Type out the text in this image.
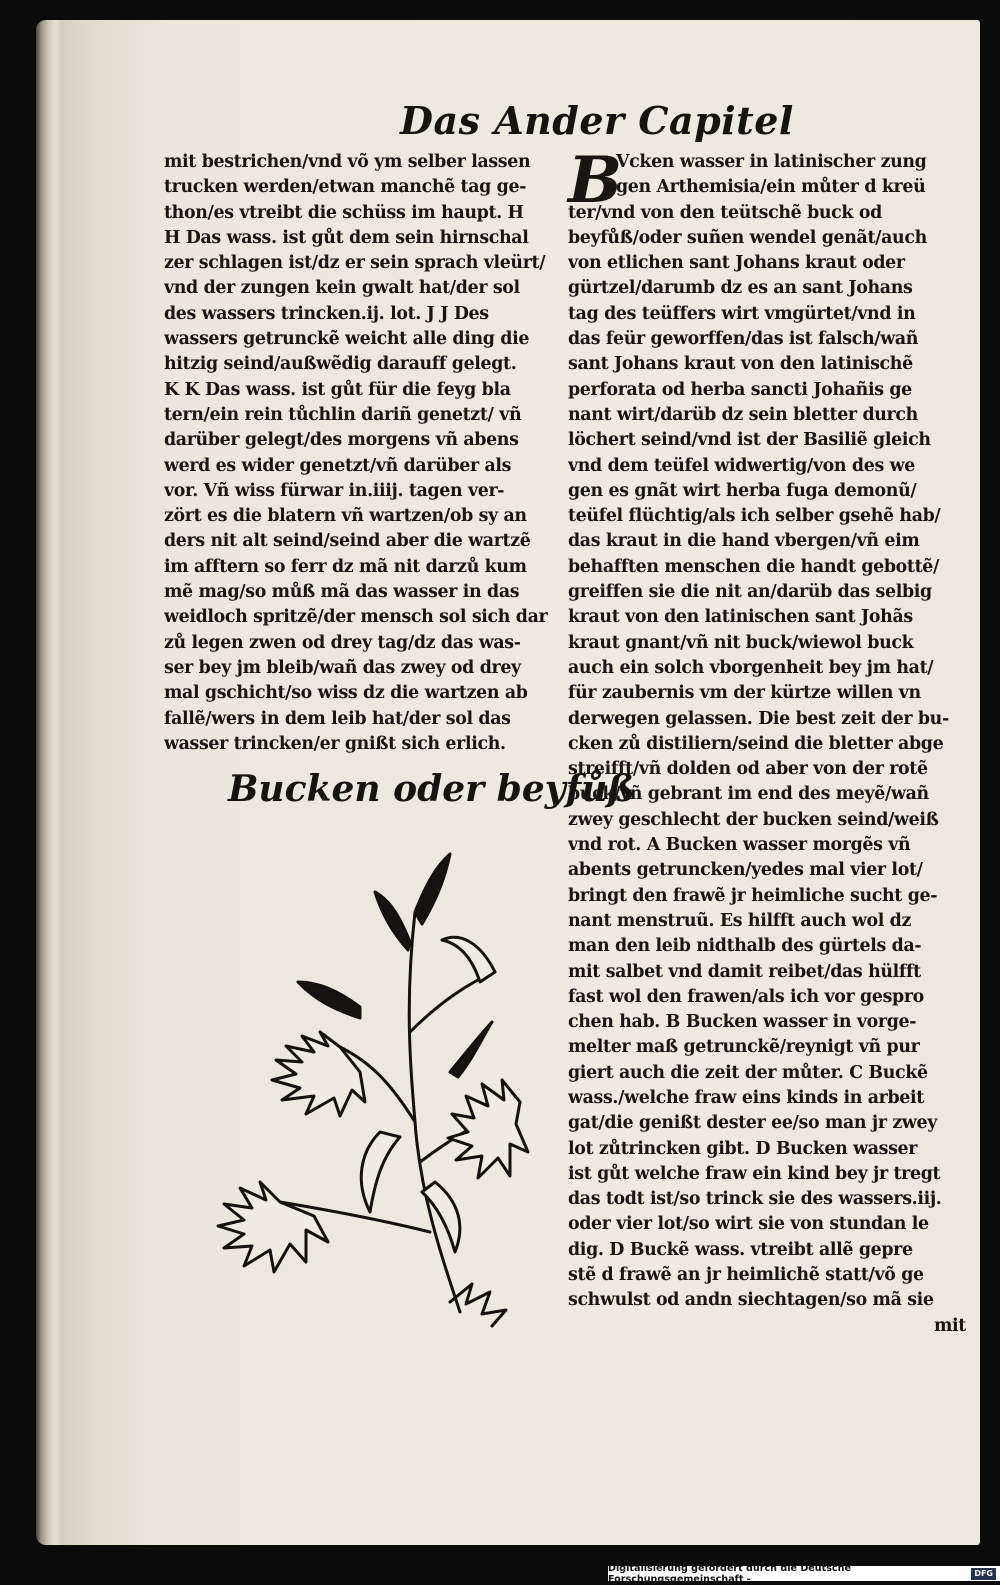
Das Ander Capitel
mit bestrichen/vnd võ ym selber lassen
trucken werden/etwan manchẽ tag ge-
thon/es vtreibt die schüss im haupt. H
H Das wass. ist gůt dem sein hirnschal
zer schlagen ist/dz er sein sprach vleürt/
vnd der zungen kein gwalt hat/der sol
des wassers trincken.ij. lot. J J Des
wassers getrunckẽ weicht alle ding die
hitzig seind/außwẽdig darauff gelegt.
K K Das wass. ist gůt für die feyg bla
tern/ein rein tůchlin dariñ genetzt/ vñ
darüber gelegt/des morgens vñ abens
werd es wider genetzt/vñ darüber als
vor. Vñ wiss fürwar in.iiij. tagen ver-
zört es die blatern vñ wartzen/ob sy an
ders nit alt seind/seind aber die wartzẽ
im afftern so ferr dz mã nit darzů kum
mẽ mag/so můß mã das wasser in das
weidloch spritzẽ/der mensch sol sich dar
zů legen zwen od drey tag/dz das was-
ser bey jm bleib/wañ das zwey od drey
mal gschicht/so wiss dz die wartzen ab
fallẽ/wers in dem leib hat/der sol das
wasser trincken/er gnißt sich erlich.
B
Vcken wasser in latinischer zung
gen Arthemisia/ein můter d kreü
ter/vnd von den teütschẽ buck od
beyfůß/oder suñen wendel genãt/auch
von etlichen sant Johans kraut oder
gürtzel/darumb dz es an sant Johans
tag des teüffers wirt vmgürtet/vnd in
das feür geworffen/das ist falsch/wañ
sant Johans kraut von den latinischẽ
perforata od herba sancti Johañis ge
nant wirt/darüb dz sein bletter durch
löchert seind/vnd ist der Basiliẽ gleich
vnd dem teüfel widwertig/von des we
gen es gnãt wirt herba fuga demonũ/
teüfel flüchtig/als ich selber gsehẽ hab/
das kraut in die hand vbergen/vñ eim
behafften menschen die handt gebottẽ/
greiffen sie die nit an/darüb das selbig
kraut von den latinischen sant Johãs
kraut gnant/vñ nit buck/wiewol buck
auch ein solch vborgenheit bey jm hat/
für zaubernis vm der kürtze willen vn
derwegen gelassen. Die best zeit der bu-
cken zů distiliern/seind die bletter abge
streifft/vñ dolden od aber von der rotẽ
buck/vñ gebrant im end des meyẽ/wañ
zwey geschlecht der bucken seind/weiß
vnd rot. A Bucken wasser morgẽs vñ
abents getruncken/yedes mal vier lot/
bringt den frawẽ jr heimliche sucht ge-
nant menstruũ. Es hilfft auch wol dz
man den leib nidthalb des gürtels da-
mit salbet vnd damit reibet/das hülfft
fast wol den frawen/als ich vor gespro
chen hab. B Bucken wasser in vorge-
melter maß getrunckẽ/reynigt vñ pur
giert auch die zeit der můter. C Buckẽ
wass./welche fraw eins kinds in arbeit
gat/die genißt dester ee/so man jr zwey
lot zůtrincken gibt. D Bucken wasser
ist gůt welche fraw ein kind bey jr tregt
das todt ist/so trinck sie des wassers.iij.
oder vier lot/so wirt sie von stundan le
dig. D Buckẽ wass. vtreibt allẽ gepre
stẽ d frawẽ an jr heimlichẽ statt/võ ge
schwulst od andn siechtagen/so mã sie
mit
Bucken oder beyfůß
Digitalisierung gefördert durch die Deutsche Forschungsgemeinschaft -
DFG
